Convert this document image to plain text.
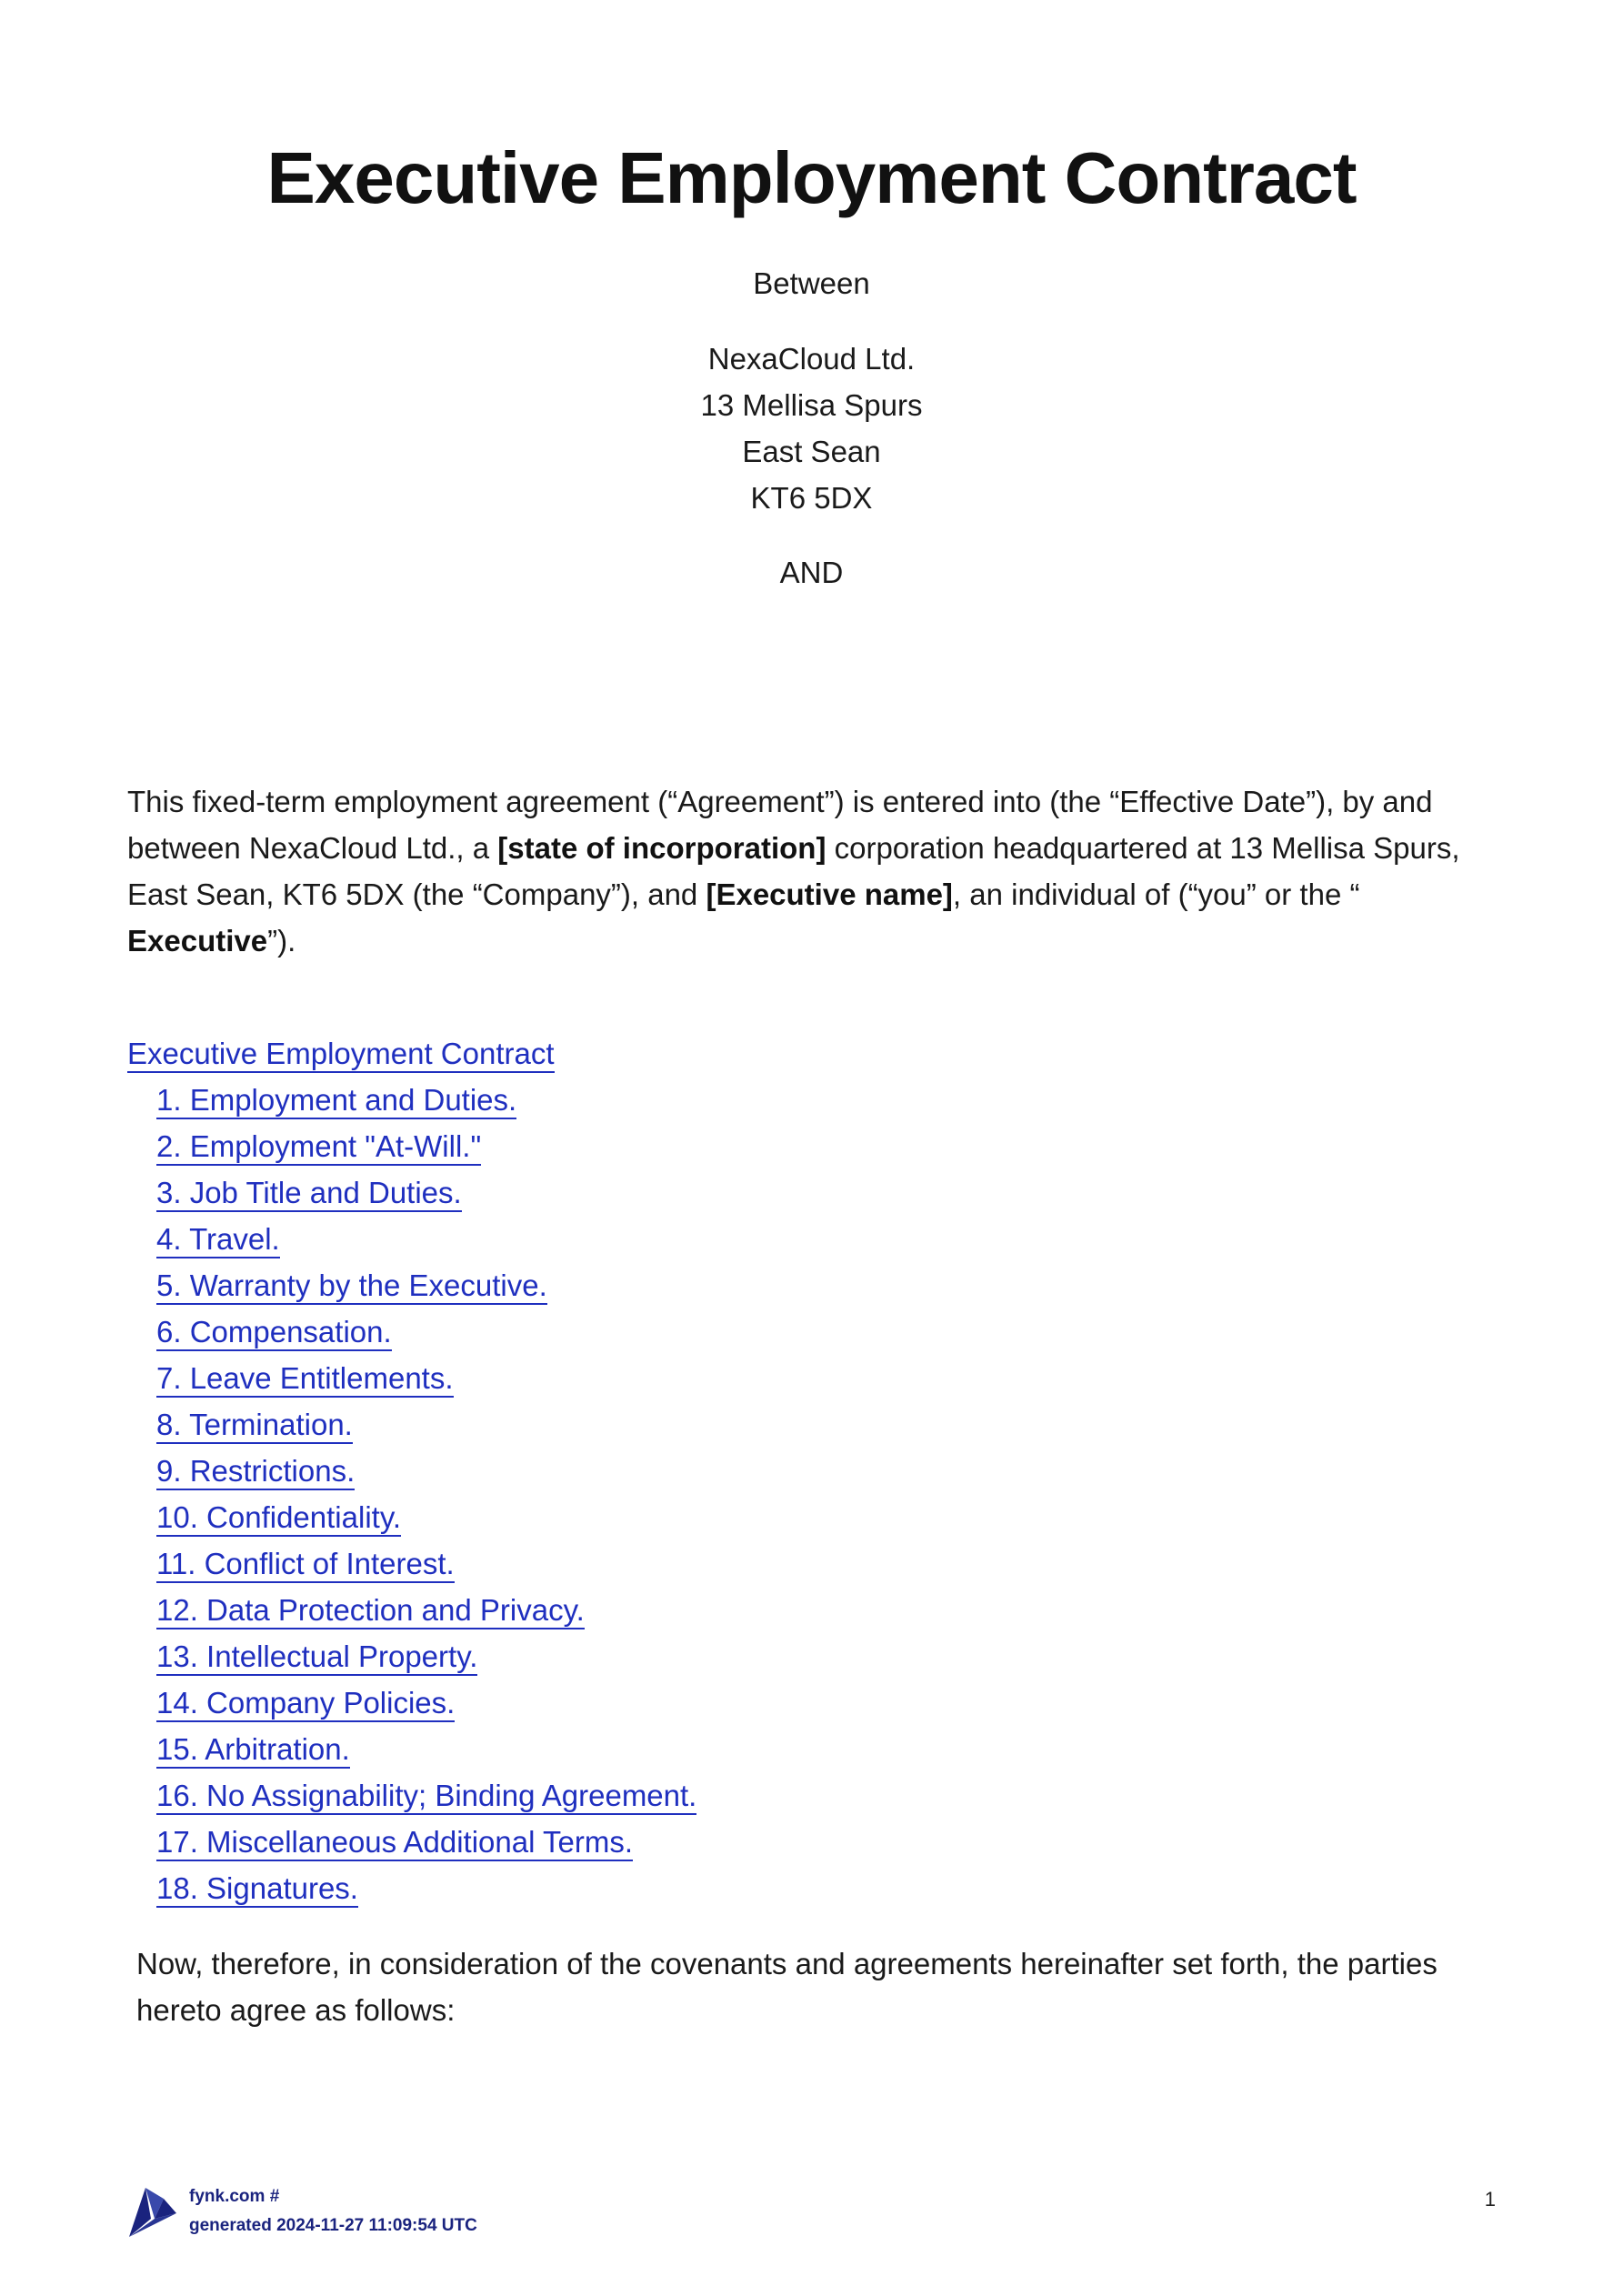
Executive Employment Contract
Between
NexaCloud Ltd.
13 Mellisa Spurs
East Sean
KT6 5DX
AND

This fixed-term employment agreement (“Agreement”) is entered into (the “Effective Date”), by and between NexaCloud Ltd., a [state of incorporation] corporation headquartered at 13 Mellisa Spurs, East Sean, KT6 5DX (the “Company”), and [Executive name], an individual of (“you” or the “
Executive”).

Executive Employment Contract
1. Employment and Duties.
2. Employment "At-Will."
3. Job Title and Duties.
4. Travel.
5. Warranty by the Executive.
6. Compensation.
7. Leave Entitlements.
8. Termination.
9. Restrictions.
10. Confidentiality.
11. Conflict of Interest.
12. Data Protection and Privacy.
13. Intellectual Property.
14. Company Policies.
15. Arbitration.
16. No Assignability; Binding Agreement.
17. Miscellaneous Additional Terms.
18. Signatures.

Now, therefore, in consideration of the covenants and agreements hereinafter set forth, the parties hereto agree as follows:

fynk.com #
generated 2024-11-27 11:09:54 UTC
1
